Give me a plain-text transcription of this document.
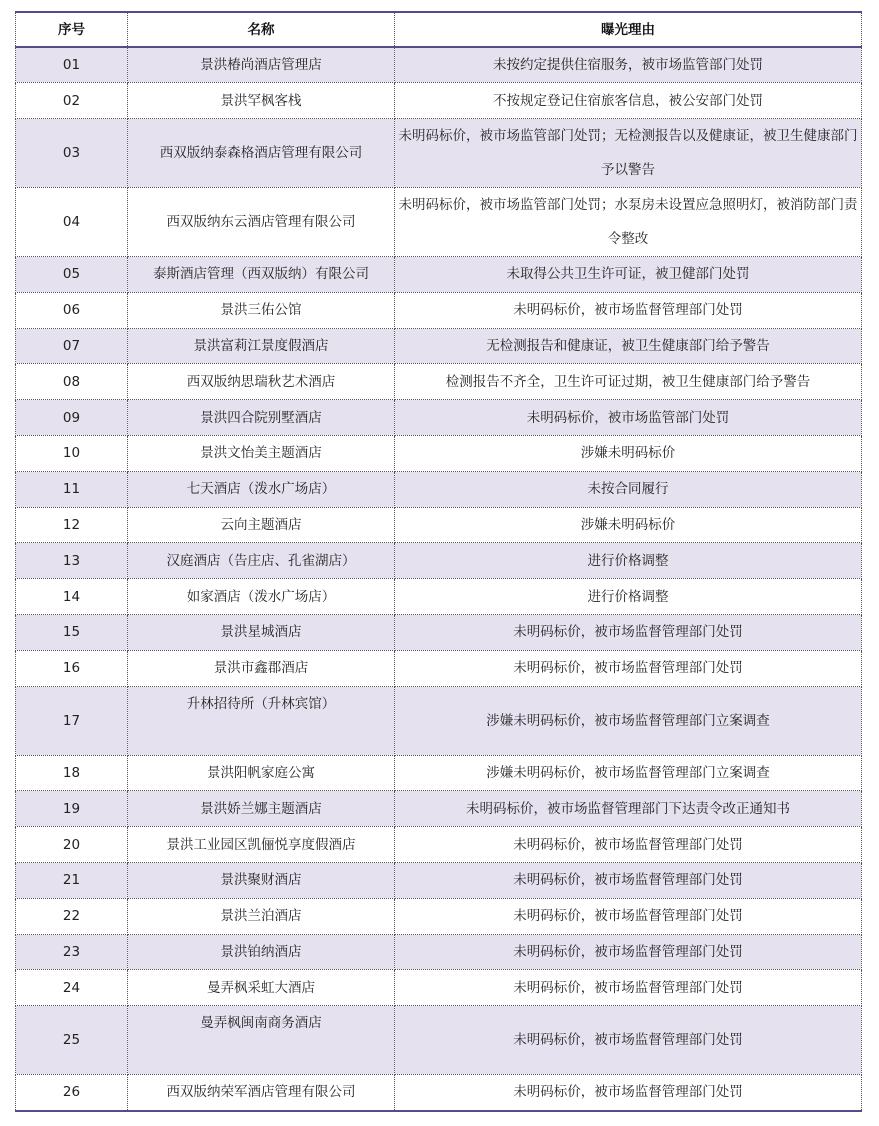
序号	名称	曝光理由
01	景洪椿尚酒店管理店	未按约定提供住宿服务，被市场监管部门处罚
02	景洪罕枫客栈	不按规定登记住宿旅客信息，被公安部门处罚
03	西双版纳泰森格酒店管理有限公司	未明码标价，被市场监管部门处罚；无检测报告以及健康证，被卫生健康部门予以警告
04	西双版纳东云酒店管理有限公司	未明码标价，被市场监管部门处罚；水泵房未设置应急照明灯，被消防部门责令整改
05	泰斯酒店管理（西双版纳）有限公司	未取得公共卫生许可证，被卫健部门处罚
06	景洪三佑公馆	未明码标价，被市场监督管理部门处罚
07	景洪富莉江景度假酒店	无检测报告和健康证，被卫生健康部门给予警告
08	西双版纳思瑞秋艺术酒店	检测报告不齐全，卫生许可证过期，被卫生健康部门给予警告
09	景洪四合院别墅酒店	未明码标价，被市场监管部门处罚
10	景洪文怡美主题酒店	涉嫌未明码标价
11	七天酒店（泼水广场店）	未按合同履行
12	云向主题酒店	涉嫌未明码标价
13	汉庭酒店（告庄店、孔雀湖店）	进行价格调整
14	如家酒店（泼水广场店）	进行价格调整
15	景洪星城酒店	未明码标价，被市场监督管理部门处罚
16	景洪市鑫郡酒店	未明码标价，被市场监督管理部门处罚
17	升林招待所（升林宾馆）	涉嫌未明码标价，被市场监督管理部门立案调查
18	景洪阳帆家庭公寓	涉嫌未明码标价，被市场监督管理部门立案调查
19	景洪娇兰娜主题酒店	未明码标价，被市场监督管理部门下达责令改正通知书
20	景洪工业园区凯俪悦享度假酒店	未明码标价，被市场监督管理部门处罚
21	景洪聚财酒店	未明码标价，被市场监督管理部门处罚
22	景洪兰泊酒店	未明码标价，被市场监督管理部门处罚
23	景洪铂纳酒店	未明码标价，被市场监督管理部门处罚
24	曼弄枫采虹大酒店	未明码标价，被市场监督管理部门处罚
25	曼弄枫闽南商务酒店	未明码标价，被市场监督管理部门处罚
26	西双版纳荣军酒店管理有限公司	未明码标价，被市场监督管理部门处罚
